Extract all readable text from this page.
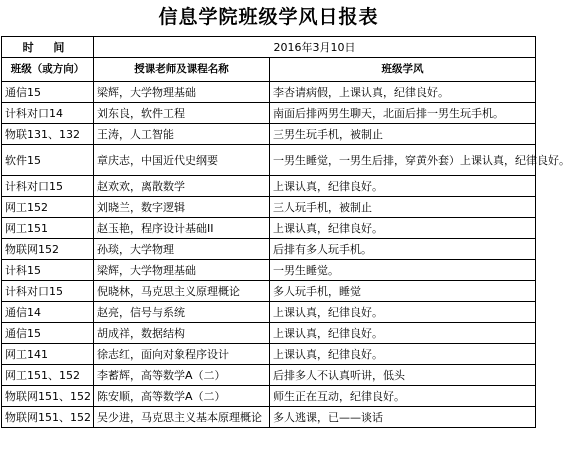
信息学院班级学风日报表
时 间	2016年3月10日	
班级（或方向）	授课老师及课程名称	班级学风
通信15	梁辉，大学物理基础	李杏请病假，上课认真，纪律良好。
计科对口14	刘东良，软件工程	南面后排两男生聊天，北面后排一男生玩手机。
物联131、132	王涛，人工智能	三男生玩手机，被制止
软件15	章庆志，中国近代史纲要	一男生睡觉，一男生后排，穿黄外套）上课认真，纪律良好。
计科对口15	赵欢欢，离散数学	上课认真，纪律良好。
网工152	刘晓兰，数字逻辑	三人玩手机，被制止
网工151	赵玉艳，程序设计基础II	上课认真，纪律良好。
物联网152	孙琰，大学物理	后排有多人玩手机。
计科15	梁辉，大学物理基础	一男生睡觉。
计科对口15	倪晓林，马克思主义原理概论	多人玩手机，睡觉
通信14	赵亮，信号与系统	上课认真，纪律良好。
通信15	胡成祥，数据结构	上课认真，纪律良好。
网工141	徐志红，面向对象程序设计	上课认真，纪律良好。
网工151、152	李蓄辉，高等数学A（二）	后排多人不认真听讲，低头
物联网151、152	陈安顺，高等数学A（二）	师生正在互动，纪律良好。
物联网151、152	吴少进，马克思主义基本原理概论	多人逃课，已——谈话
